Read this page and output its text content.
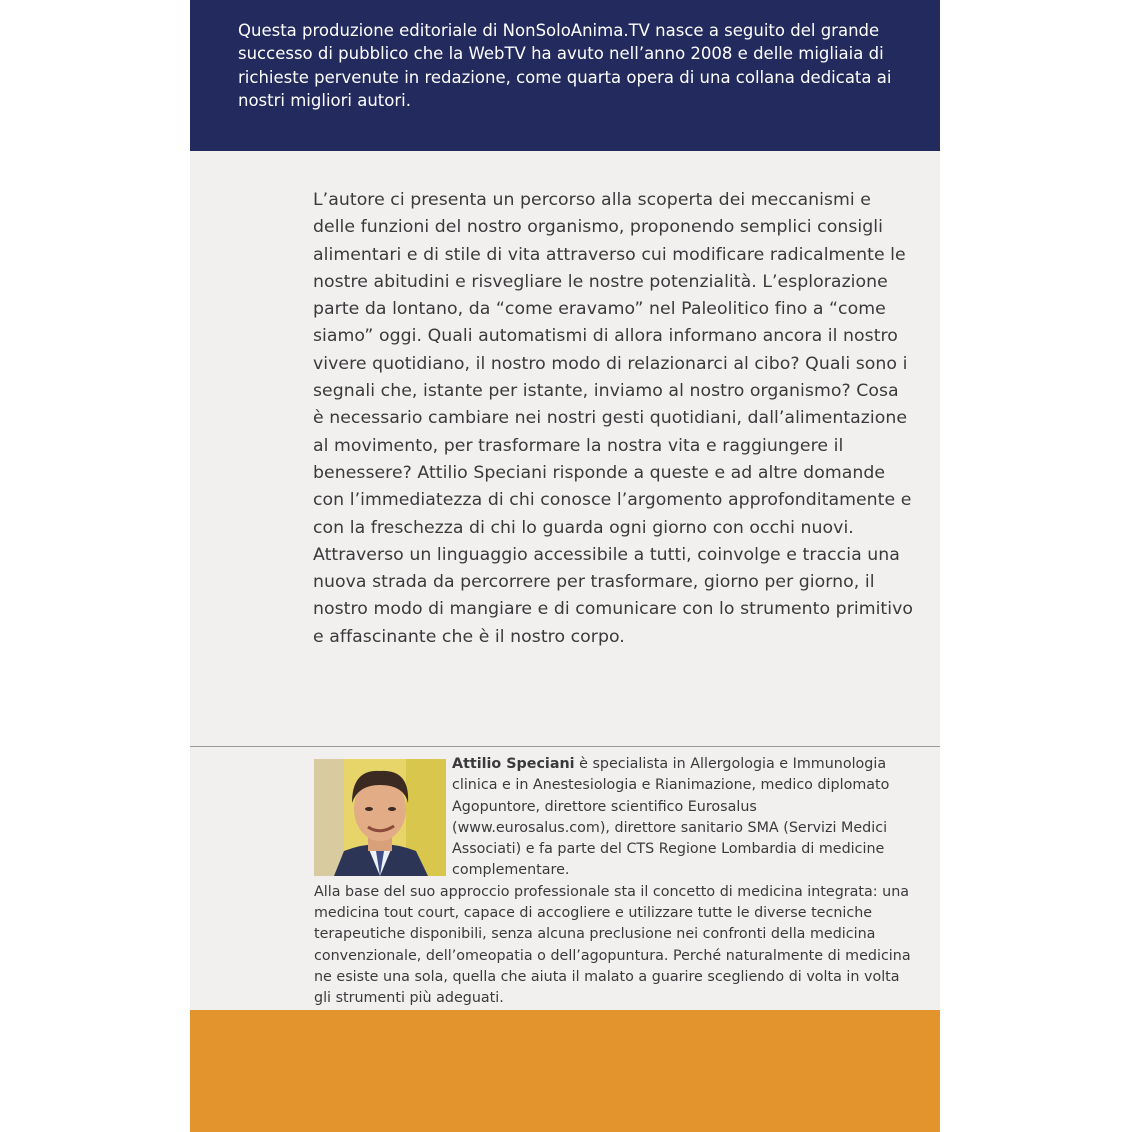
Questa produzione editoriale di NonSoloAnima.TV nasce a seguito del grande successo di pubblico che la WebTV ha avuto nell’anno 2008 e delle migliaia di richieste pervenute in redazione, come quarta opera di una collana dedicata ai nostri migliori autori.

L’autore ci presenta un percorso alla scoperta dei meccanismi e delle funzioni del nostro organismo, proponendo semplici consigli alimentari e di stile di vita attraverso cui modificare radicalmente le nostre abitudini e risvegliare le nostre potenzialità. L’esplorazione parte da lontano, da “come eravamo” nel Paleolitico fino a “come siamo” oggi. Quali automatismi di allora informano ancora il nostro vivere quotidiano, il nostro modo di relazionarci al cibo? Quali sono i segnali che, istante per istante, inviamo al nostro organismo? Cosa è necessario cambiare nei nostri gesti quotidiani, dall’alimentazione al movimento, per trasformare la nostra vita e raggiungere il benessere? Attilio Speciani risponde a queste e ad altre domande con l’immediatezza di chi conosce l’argomento approfonditamente e con la freschezza di chi lo guarda ogni giorno con occhi nuovi.
Attraverso un linguaggio accessibile a tutti, coinvolge e traccia una nuova strada da percorrere per trasformare, giorno per giorno, il nostro modo di mangiare e di comunicare con lo strumento primitivo e affascinante che è il nostro corpo.

Attilio Speciani è specialista in Allergologia e Immunologia clinica e in Anestesiologia e Rianimazione, medico diplomato Agopuntore, direttore scientifico Eurosalus (www.eurosalus.com), direttore sanitario SMA (Servizi Medici Associati) e fa parte del CTS Regione Lombardia di medicine complementare.
Alla base del suo approccio professionale sta il concetto di medicina integrata: una medicina tout court, capace di accogliere e utilizzare tutte le diverse tecniche terapeutiche disponibili, senza alcuna preclusione nei confronti della medicina convenzionale, dell’omeopatia o dell’agopuntura. Perché naturalmente di medicina ne esiste una sola, quella che aiuta il malato a guarire scegliendo di volta in volta gli strumenti più adeguati.
